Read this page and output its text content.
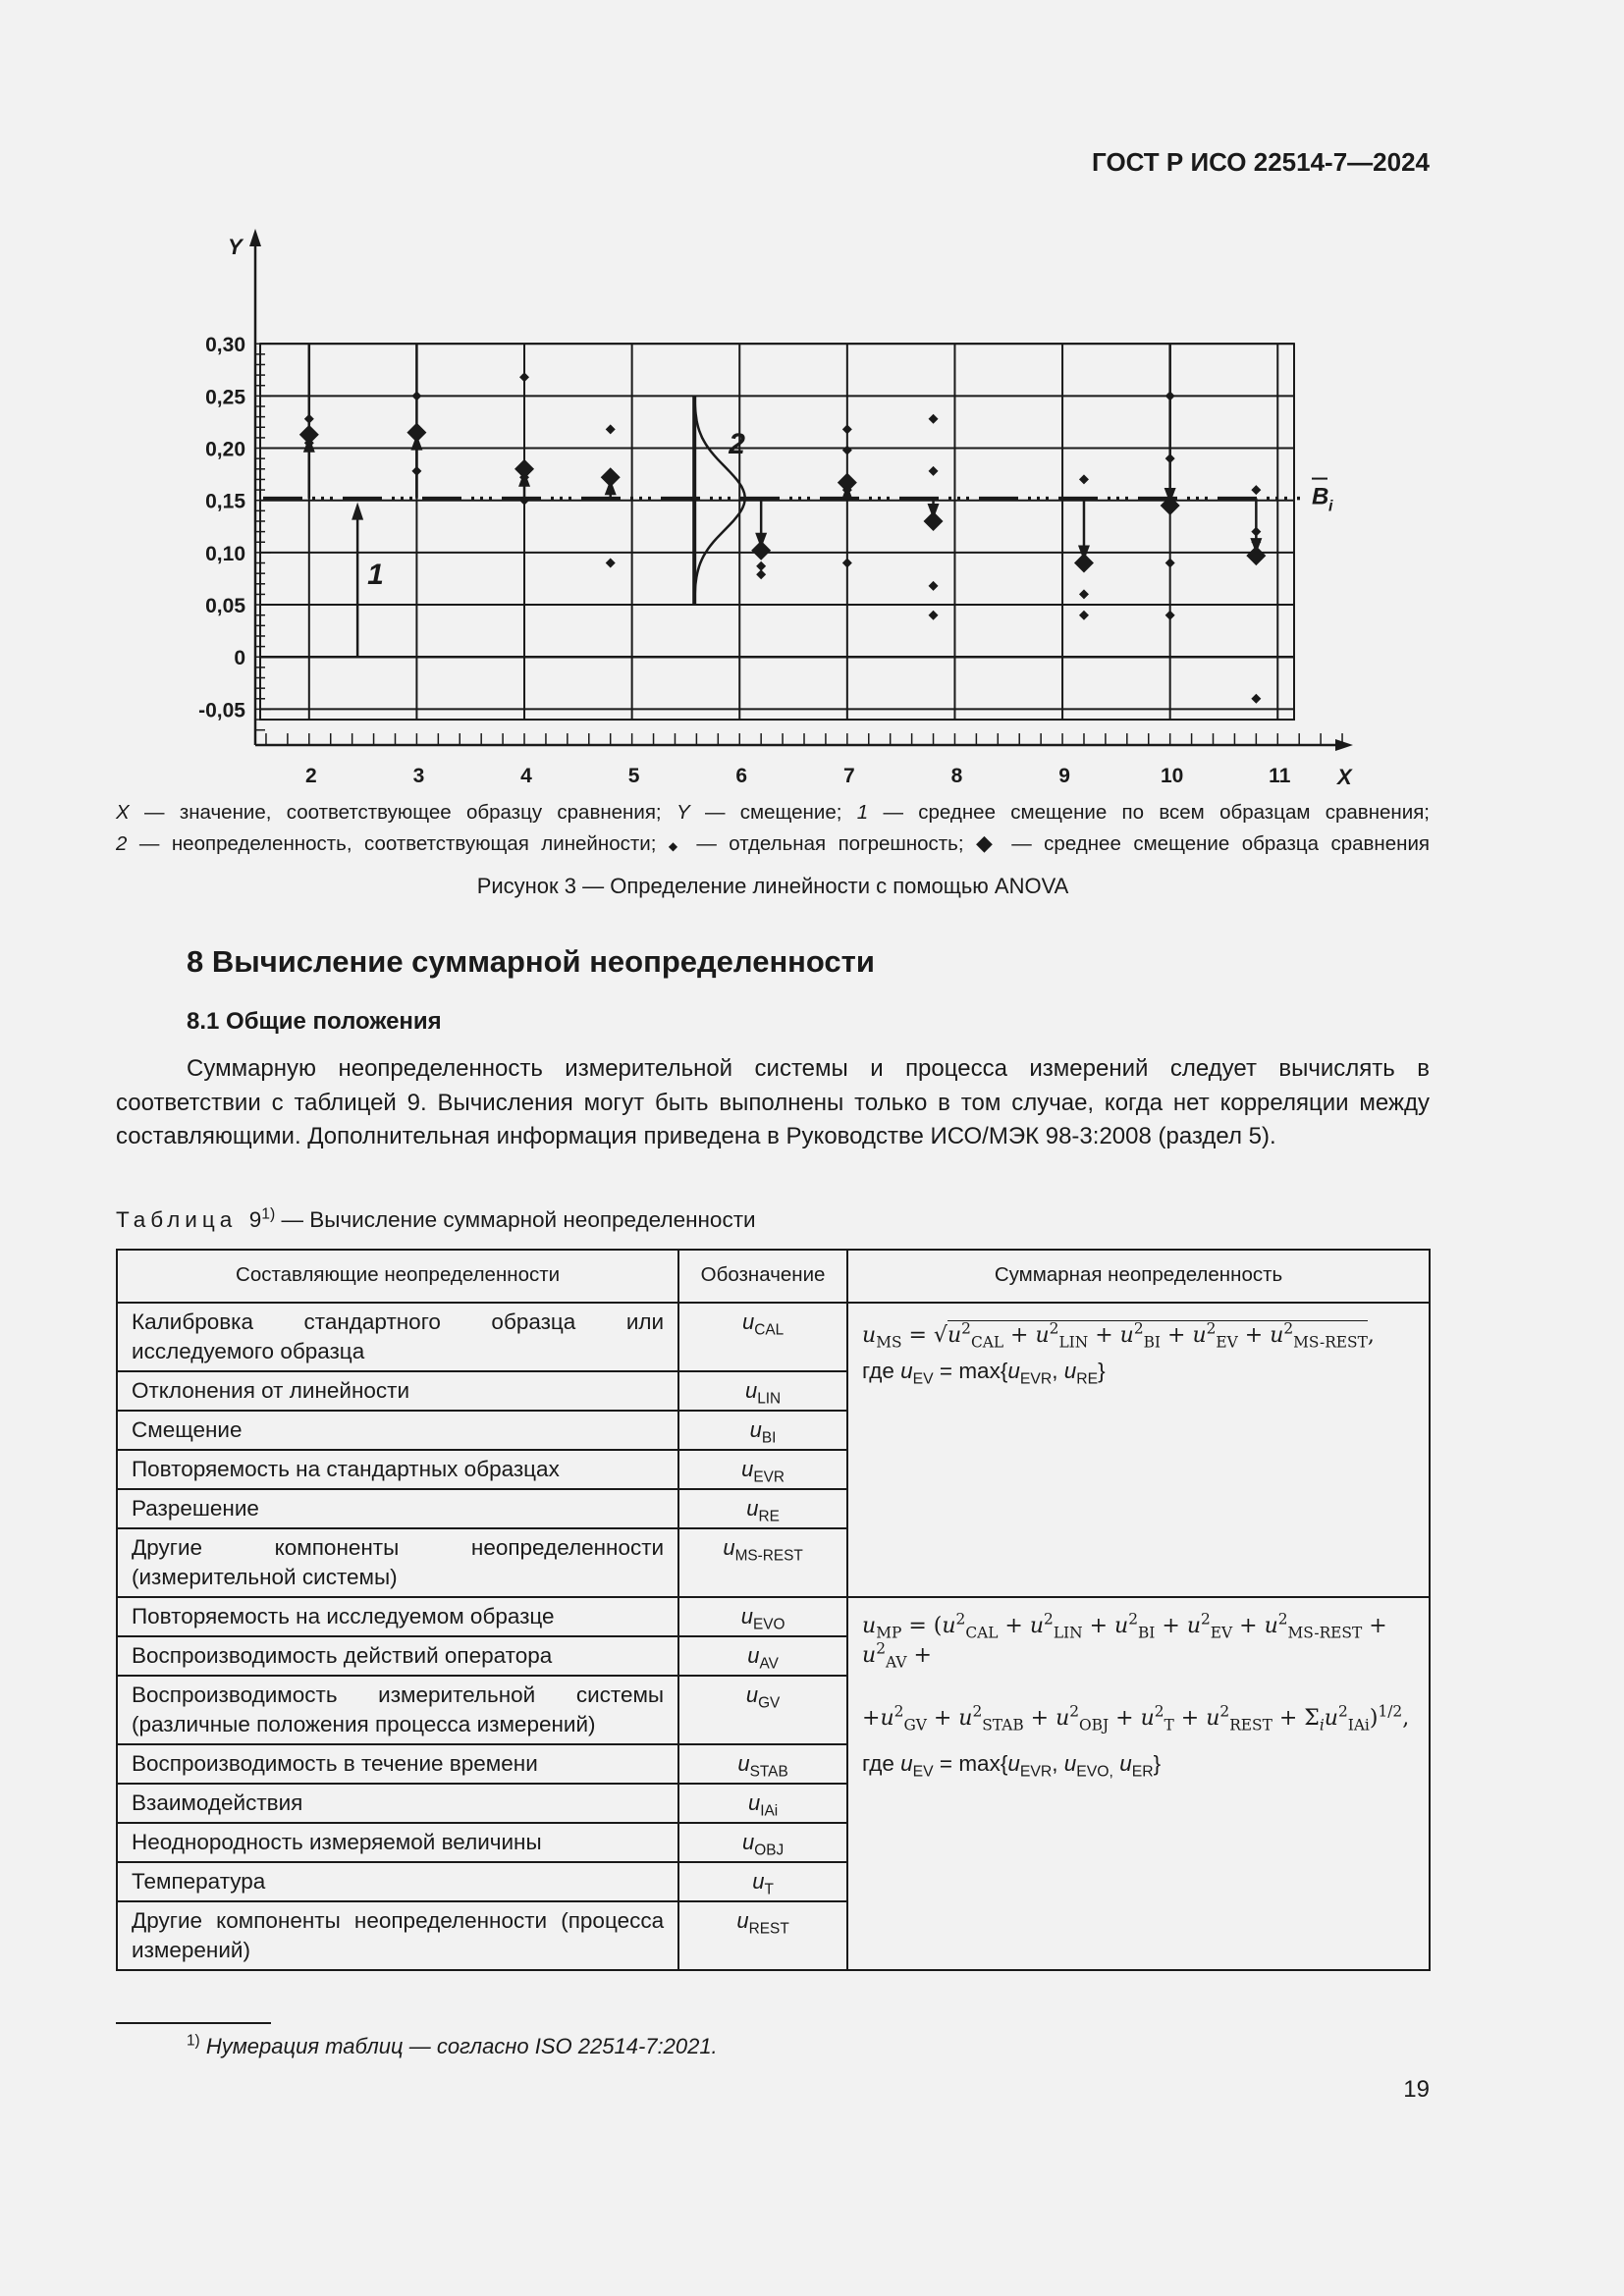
ГОСТ Р ИСО 22514-7—2024
0,30
0,25
0,20
0,15
0,10
0,05
0
-0,05
2	3	4	5	6	7	8	9	10	11
Y
X
B i
1
2
X — значение, соответствующее образцу сравнения; Y — смещение; 1 — среднее смещение по всем образцам сравнения;
2 — неопределенность, соответствующая линейности; ◆ — отдельная погрешность; ◆ — среднее смещение образца сравнения
Рисунок 3 — Определение линейности с помощью ANOVA
8 Вычисление суммарной неопределенности
8.1 Общие положения

Суммарную неопределенность измерительной системы и процесса измерений следует вычислять в соответствии с таблицей 9. Вычисления могут быть выполнены только в том случае, когда нет корреляции между составляющими. Дополнительная информация приведена в Руководстве ИСО/МЭК 98-3:2008 (раздел 5).

Таблица 9$^{1)}$ — Вычисление суммарной неопределенности
Составляющие неопределенности	Обозначение	Суммарная неопределенность
Калибровка стандартного образца или исследуемого образца	$u_{CAL}$	$u_{MS} = √u^2_{CAL} + u^2_{LIN} + u^2_{BI} + u^2_{EV} + u^2_{MS-REST}$,
где $u_{EV} = \max\{u_{EVR}$, $u_{RE}$}

Отклонения от линейности	$u_{LIN}$
Смещение	$u_{BI}$
Повторяемость на стандартных образцах	$u_{EVR}$
Разрешение	$u_{RE}$
Другие компоненты неопределенности (измерительной системы)	$u_{MS-REST}$
Повторяемость на исследуемом образце	$u_{EVO}$	$u_{MP} = (u^2_{CAL} + u^2_{LIN} + u^2_{BI} + u^2_{EV} + u^2_{MS-REST} + u^2_{AV}$ +
$+u^2_{GV} + u^2_{STAB} + u^2_{OBJ} + u^2_T + u^2_{REST} + \Sigma_iu^2_{IAi})^{1/2}$,
где $u_{EV} = \max\{u_{EVR}$, $u_{EVO,}$ $u_{ER}$}

Воспроизводимость действий оператора	$u_{AV}$
Воспроизводимость измерительной системы (различные положения процесса измерений)	$u_{GV}$
Воспроизводимость в течение времени	$u_{STAB}$
Взаимодействия	$u_{IAi}$
Неоднородность измеряемой величины	$u_{OBJ}$
Температура	$u_T$
Другие компоненты неопределенности (процесса измерений)	$u_{REST}$
$^{1)}$ Нумерация таблиц — согласно ISO 22514-7:2021.
19
